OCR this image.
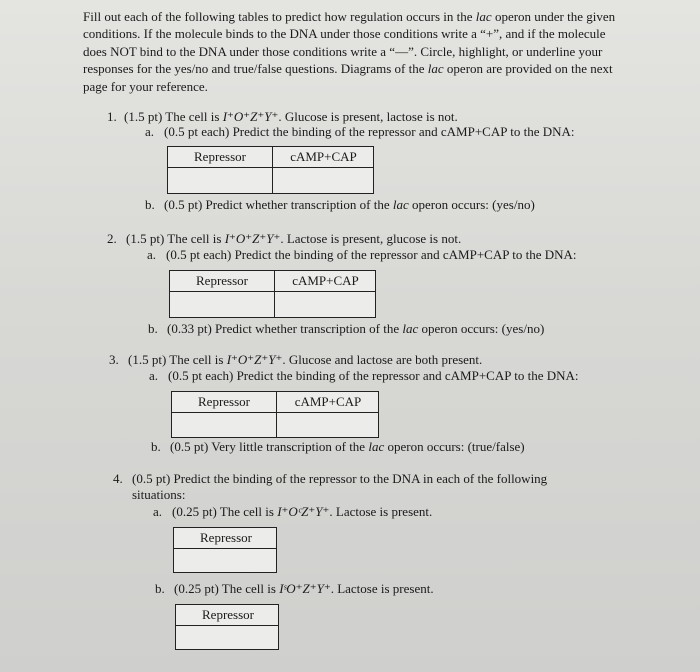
Fill out each of the following tables to predict how regulation occurs in the lac operon under the given conditions. If the molecule binds to the DNA under those conditions write a “+”, and if the molecule does NOT bind to the DNA under those conditions write a “—”. Circle, highlight, or underline your responses for the yes/no and true/false questions. Diagrams of the lac operon are provided on the next page for your reference.
1. (1.5 pt) The cell is I⁺O⁺Z⁺Y⁺. Glucose is present, lactose is not.
a. (0.5 pt each) Predict the binding of the repressor and cAMP+CAP to the DNA:
Repressor	cAMP+CAP
b. (0.5 pt) Predict whether transcription of the lac operon occurs: (yes/no)
2. (1.5 pt) The cell is I⁺O⁺Z⁺Y⁺. Lactose is present, glucose is not.
a. (0.5 pt each) Predict the binding of the repressor and cAMP+CAP to the DNA:
Repressor	cAMP+CAP
b. (0.33 pt) Predict whether transcription of the lac operon occurs: (yes/no)
3. (1.5 pt) The cell is I⁺O⁺Z⁺Y⁺. Glucose and lactose are both present.
a. (0.5 pt each) Predict the binding of the repressor and cAMP+CAP to the DNA:
Repressor	cAMP+CAP
b. (0.5 pt) Very little transcription of the lac operon occurs: (true/false)
4. (0.5 pt) Predict the binding of the repressor to the DNA in each of the following
situations:
a. (0.25 pt) The cell is I⁺OᶜZ⁺Y⁺. Lactose is present.
Repressor
b. (0.25 pt) The cell is IˢO⁺Z⁺Y⁺. Lactose is present.
Repressor
